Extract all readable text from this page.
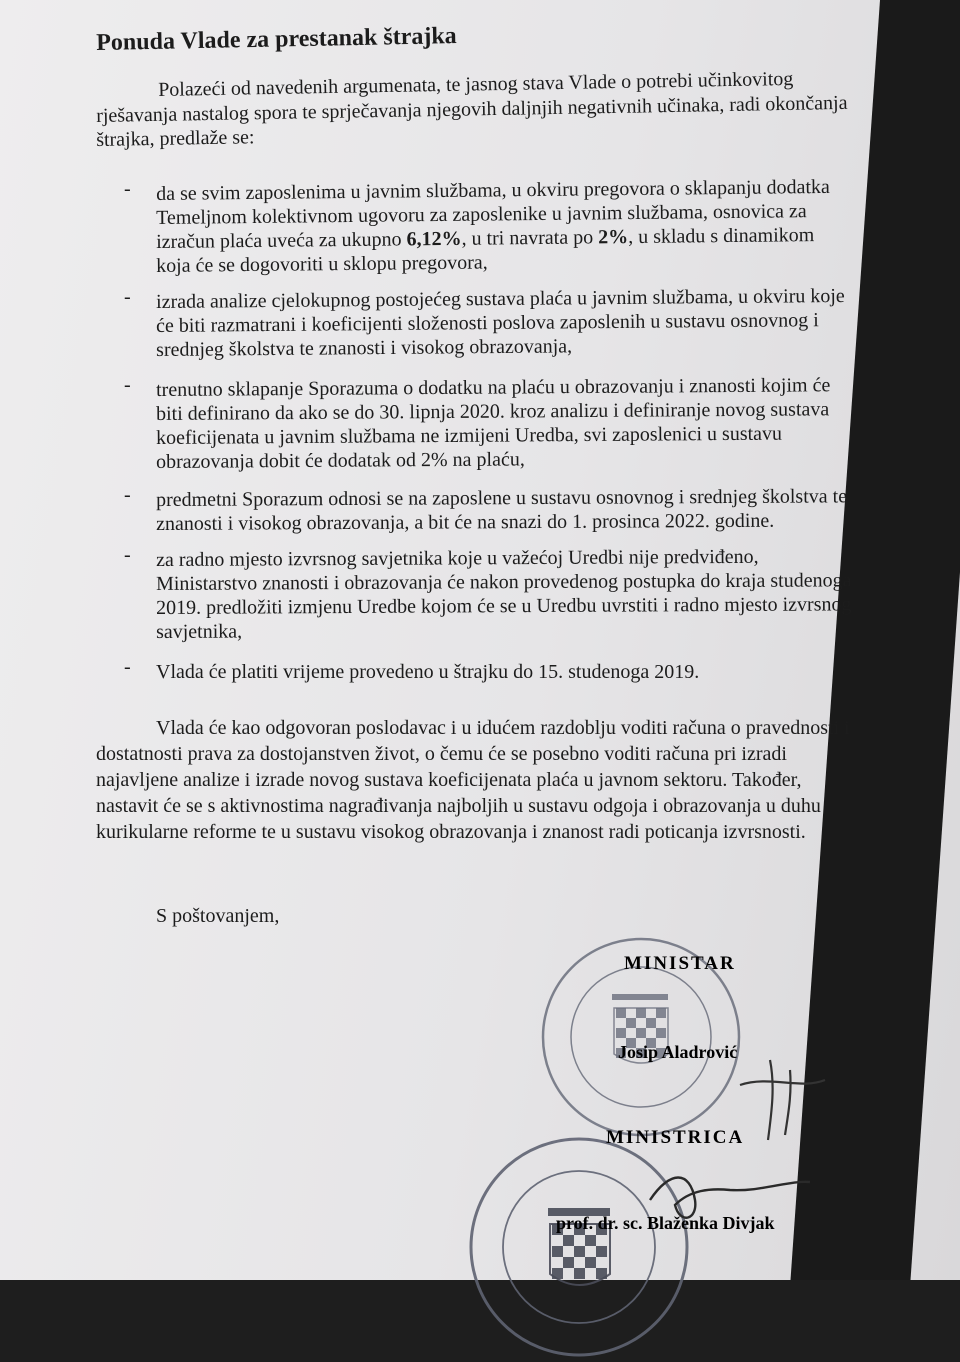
Ponuda Vlade za prestanak štrajka

Polazeći od navedenih argumenata, te jasnog stava Vlade o potrebi učinkovitog

rješavanja nastalog spora te sprječavanja njegovih daljnjih negativnih učinaka, radi okončanja

štrajka, predlaže se:

- da se svim zaposlenima u javnim službama, u okviru pregovora o sklapanju dodatka

Temeljnom kolektivnom ugovoru za zaposlenike u javnim službama, osnovica za

izračun plaća uveća za ukupno 6,12%, u tri navrata po 2%, u skladu s dinamikom

koja će se dogovoriti u sklopu pregovora,

- izrada analize cjelokupnog postojećeg sustava plaća u javnim službama, u okviru koje

će biti razmatrani i koeficijenti složenosti poslova zaposlenih u sustavu osnovnog i

srednjeg školstva te znanosti i visokog obrazovanja,

- trenutno sklapanje Sporazuma o dodatku na plaću u obrazovanju i znanosti kojim će

biti definirano da ako se do 30. lipnja 2020. kroz analizu i definiranje novog sustava

koeficijenata u javnim službama ne izmijeni Uredba, svi zaposlenici u sustavu

obrazovanja dobit će dodatak od 2% na plaću,

- predmetni Sporazum odnosi se na zaposlene u sustavu osnovnog i srednjeg školstva te

znanosti i visokog obrazovanja, a bit će na snazi do 1. prosinca 2022. godine.

- za radno mjesto izvrsnog savjetnika koje u važećoj Uredbi nije predviđeno,

Ministarstvo znanosti i obrazovanja će nakon provedenog postupka do kraja studenoga

2019. predložiti izmjenu Uredbe kojom će se u Uredbu uvrstiti i radno mjesto izvrsnog

savjetnika,

- Vlada će platiti vrijeme provedeno u štrajku do 15. studenoga 2019.

Vlada će kao odgovoran poslodavac i u idućem razdoblju voditi računa o pravednosti i

dostatnosti prava za dostojanstven život, o čemu će se posebno voditi računa pri izradi

najavljene analize i izrade novog sustava koeficijenata plaća u javnom sektoru. Također,

nastavit će se s aktivnostima nagrađivanja najboljih u sustavu odgoja i obrazovanja u duhu

kurikularne reforme te u sustavu visokog obrazovanja i znanost radi poticanja izvrsnosti.

S poštovanjem,

MINISTAR

Josip Aladrović

MINISTRICA

prof. dr. sc. Blaženka Divjak
